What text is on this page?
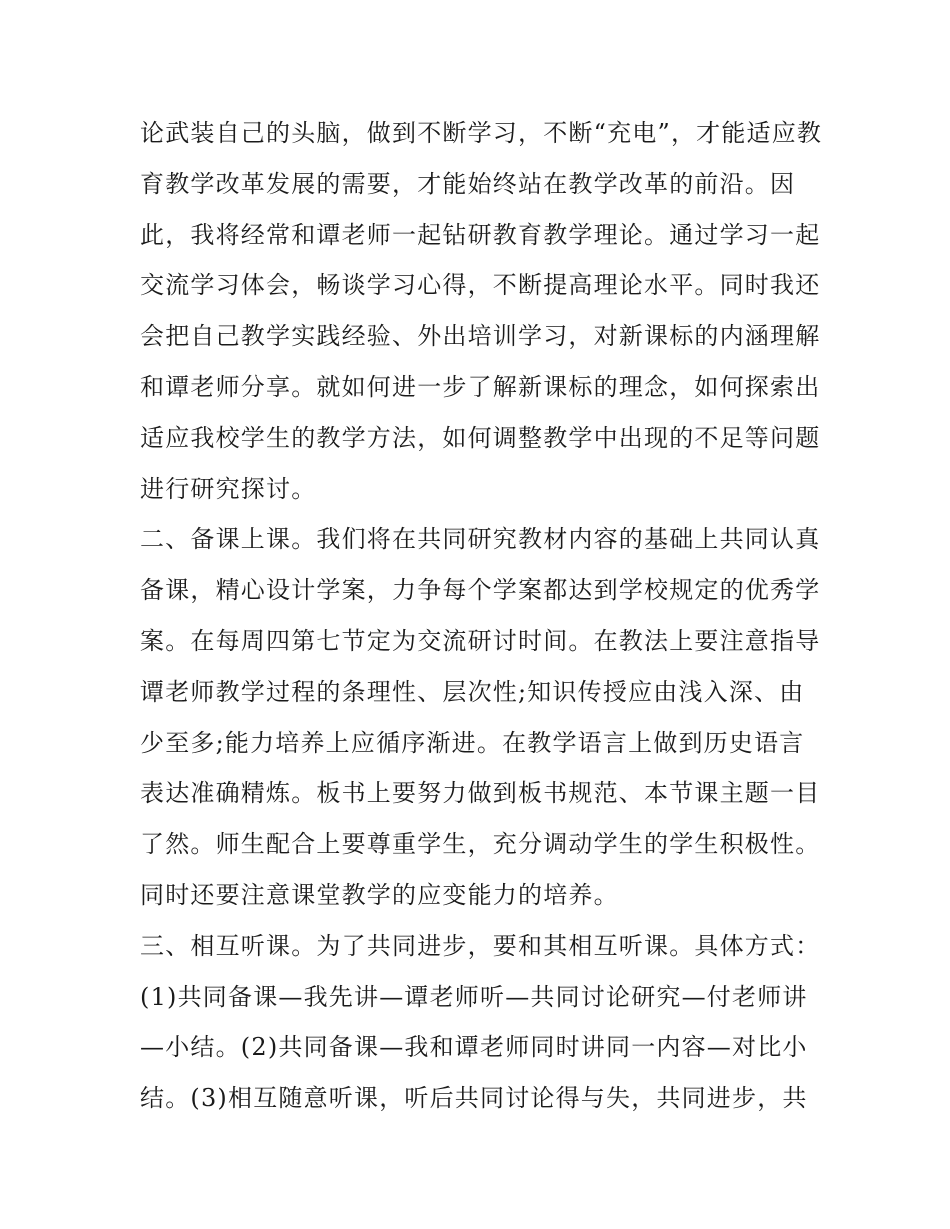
论武装自己的头脑，做到不断学习，不断“充电”，才能适应教
育教学改革发展的需要，才能始终站在教学改革的前沿。因
此，我将经常和谭老师一起钻研教育教学理论。通过学习一起
交流学习体会，畅谈学习心得，不断提高理论水平。同时我还
会把自己教学实践经验、外出培训学习，对新课标的内涵理解
和谭老师分享。就如何进一步了解新课标的理念，如何探索出
适应我校学生的教学方法，如何调整教学中出现的不足等问题
进行研究探讨。
二、备课上课。我们将在共同研究教材内容的基础上共同认真
备课，精心设计学案，力争每个学案都达到学校规定的优秀学
案。在每周四第七节定为交流研讨时间。在教法上要注意指导
谭老师教学过程的条理性、层次性;知识传授应由浅入深、由
少至多;能力培养上应循序渐进。在教学语言上做到历史语言
表达准确精炼。板书上要努力做到板书规范、本节课主题一目
了然。师生配合上要尊重学生，充分调动学生的学生积极性。
同时还要注意课堂教学的应变能力的培养。
三、相互听课。为了共同进步，要和其相互听课。具体方式：
(1)共同备课—我先讲—谭老师听—共同讨论研究—付老师讲
—小结。(2)共同备课—我和谭老师同时讲同一内容—对比小
结。(3)相互随意听课，听后共同讨论得与失，共同进步，共
